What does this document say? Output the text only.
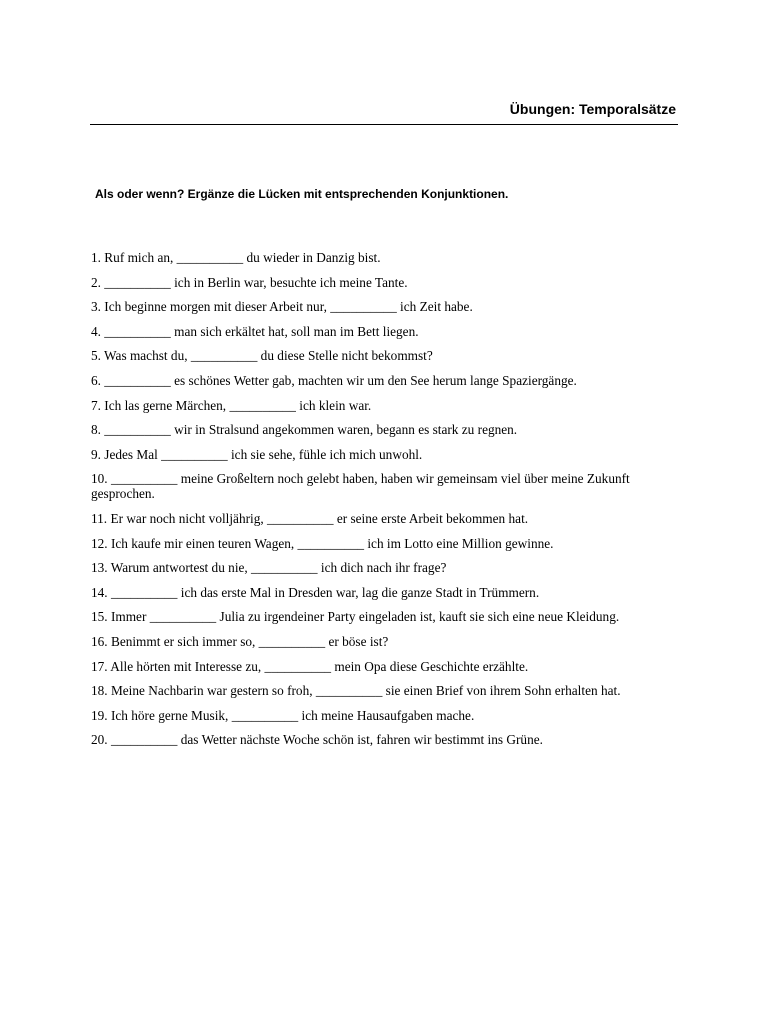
Übungen: Temporalsätze
Als oder wenn? Ergänze die Lücken mit entsprechenden Konjunktionen.
1. Ruf mich an, __________ du wieder in Danzig bist.
2. __________ ich in Berlin war, besuchte ich meine Tante.
3. Ich beginne morgen mit dieser Arbeit nur, __________ ich Zeit habe.
4. __________ man sich erkältet hat, soll man im Bett liegen.
5. Was machst du, __________ du diese Stelle nicht bekommst?
6. __________ es schönes Wetter gab, machten wir um den See herum lange Spaziergänge.
7. Ich las gerne Märchen, __________ ich klein war.
8. __________ wir in Stralsund angekommen waren, begann es stark zu regnen.
9. Jedes Mal __________ ich sie sehe, fühle ich mich unwohl.
10. __________ meine Großeltern noch gelebt haben, haben wir gemeinsam viel über meine Zukunft gesprochen.
11. Er war noch nicht volljährig, __________ er seine erste Arbeit bekommen hat.
12. Ich kaufe mir einen teuren Wagen, __________ ich im Lotto eine Million gewinne.
13. Warum antwortest du nie, __________ ich dich nach ihr frage?
14. __________ ich das erste Mal in Dresden war, lag die ganze Stadt in Trümmern.
15. Immer __________ Julia zu irgendeiner Party eingeladen ist, kauft sie sich eine neue Kleidung.
16. Benimmt er sich immer so, __________ er böse ist?
17. Alle hörten mit Interesse zu, __________ mein Opa diese Geschichte erzählte.
18. Meine Nachbarin war gestern so froh, __________ sie einen Brief von ihrem Sohn erhalten hat.
19. Ich höre gerne Musik, __________ ich meine Hausaufgaben mache.
20. __________ das Wetter nächste Woche schön ist, fahren wir bestimmt ins Grüne.
